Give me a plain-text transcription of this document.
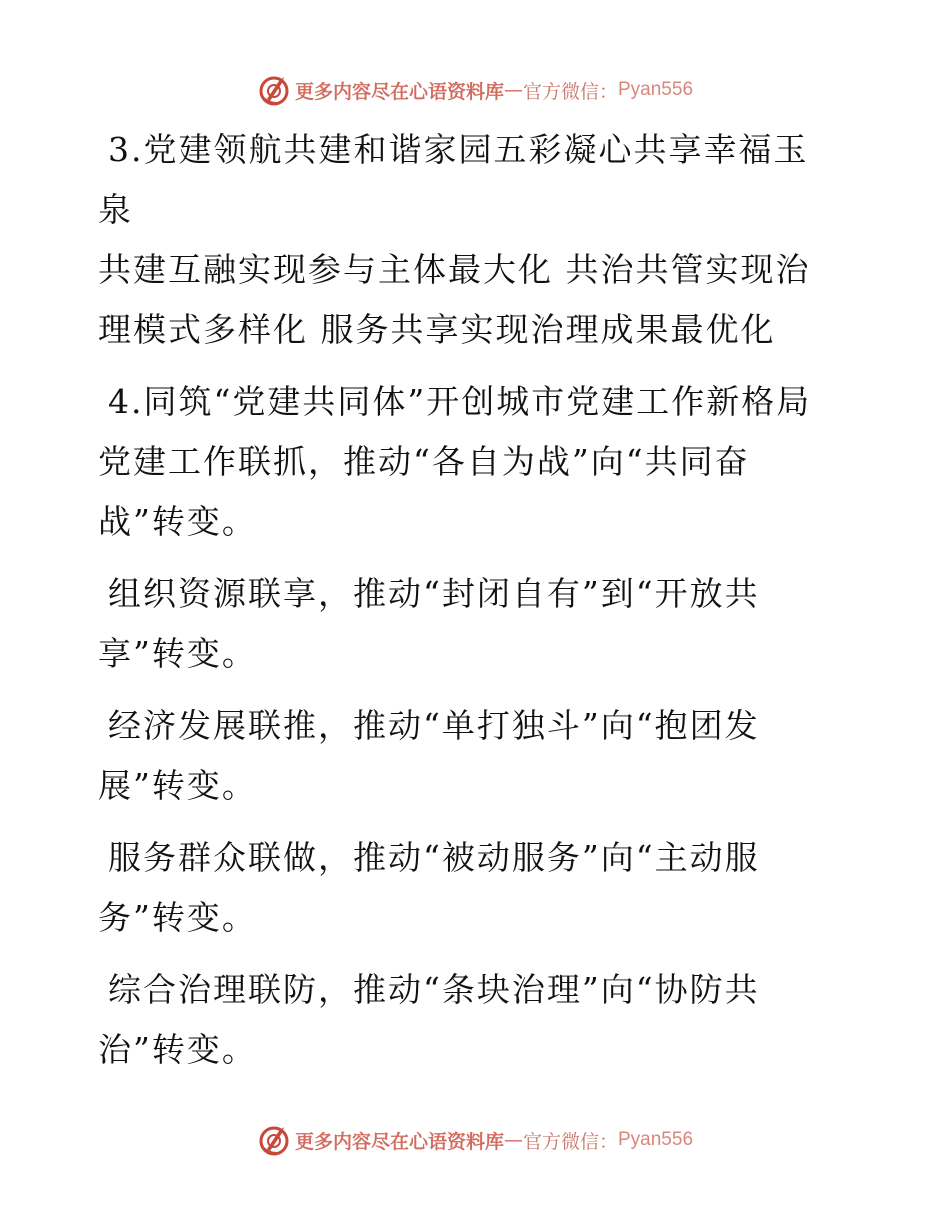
更多内容尽在心语资料库 — 官方微信： Pyan556

3.党建领航共建和谐家园五彩凝心共享幸福玉泉

共建互融实现参与主体最大化 共治共管实现治理模式多样化 服务共享实现治理成果最优化

4.同筑“党建共同体”开创城市党建工作新格局

党建工作联抓，推动“各自为战”向“共同奋战”转变。

组织资源联享，推动“封闭自有”到“开放共享”转变。

经济发展联推，推动“单打独斗”向“抱团发展”转变。

服务群众联做，推动“被动服务”向“主动服务”转变。

综合治理联防，推动“条块治理”向“协防共治”转变。

更多内容尽在心语资料库 — 官方微信： Pyan556
